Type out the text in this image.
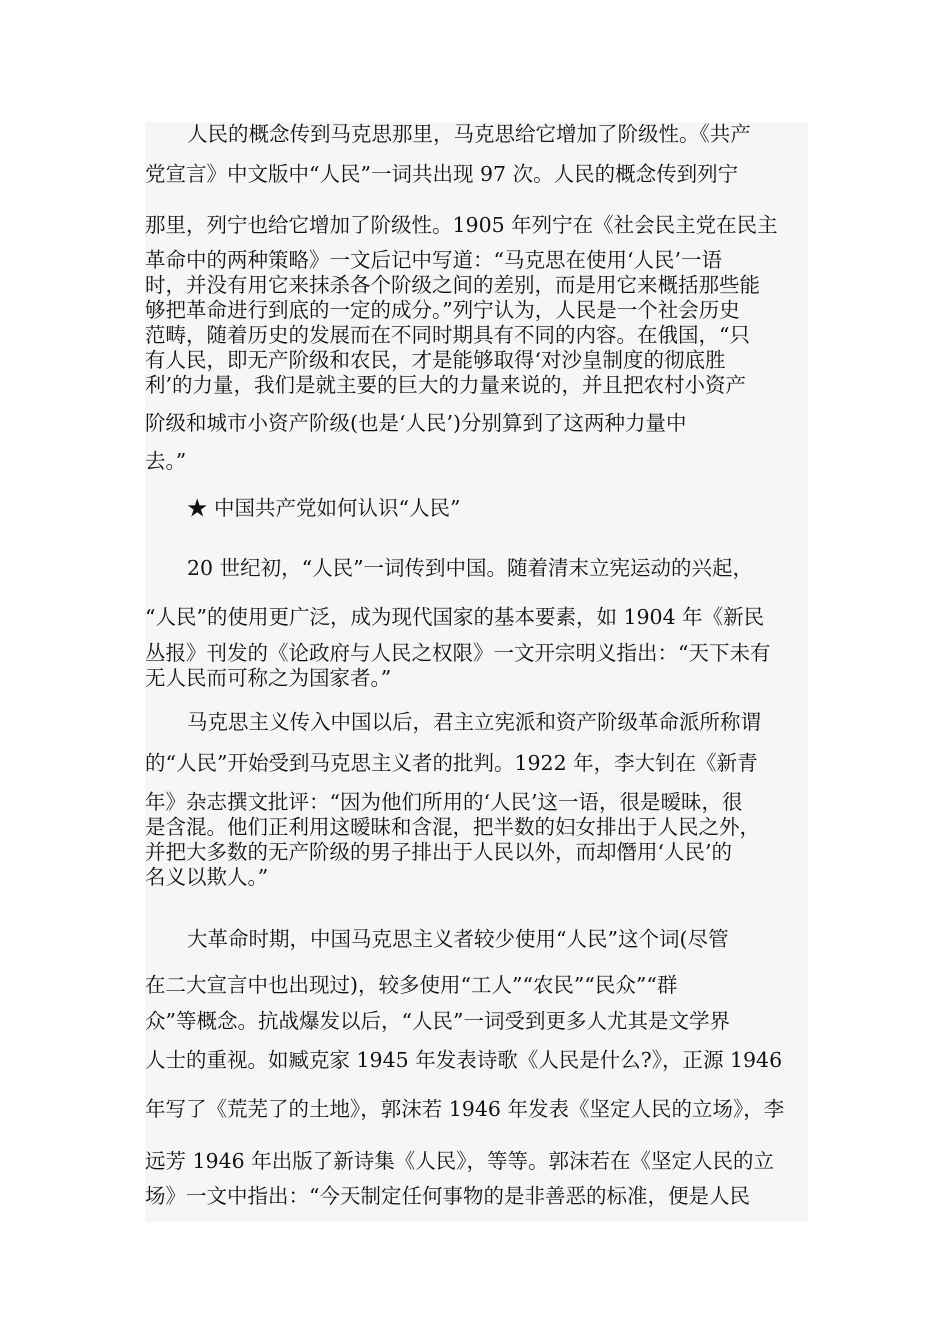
人民的概念传到马克思那里，马克思给它增加了阶级性。《共产
党宣言》中文版中“人民”一词共出现 97 次。人民的概念传到列宁
那里，列宁也给它增加了阶级性。1905 年列宁在《社会民主党在民主
革命中的两种策略》一文后记中写道：“马克思在使用‘人民’一语
时，并没有用它来抹杀各个阶级之间的差别，而是用它来概括那些能
够把革命进行到底的一定的成分。”列宁认为，人民是一个社会历史
范畴，随着历史的发展而在不同时期具有不同的内容。在俄国，“只
有人民，即无产阶级和农民，才是能够取得‘对沙皇制度的彻底胜
利’的力量，我们是就主要的巨大的力量来说的，并且把农村小资产
阶级和城市小资产阶级(也是‘人民’)分别算到了这两种力量中
去。”
★ 中国共产党如何认识“人民”
20 世纪初，“人民”一词传到中国。随着清末立宪运动的兴起，
“人民”的使用更广泛，成为现代国家的基本要素，如 1904 年《新民
丛报》刊发的《论政府与人民之权限》一文开宗明义指出：“天下未有
无人民而可称之为国家者。”
马克思主义传入中国以后，君主立宪派和资产阶级革命派所称谓
的“人民”开始受到马克思主义者的批判。1922 年，李大钊在《新青
年》杂志撰文批评：“因为他们所用的‘人民’这一语，很是暧昧，很
是含混。他们正利用这暧昧和含混，把半数的妇女排出于人民之外，
并把大多数的无产阶级的男子排出于人民以外，而却僭用‘人民’的
名义以欺人。”
大革命时期，中国马克思主义者较少使用“人民”这个词(尽管
在二大宣言中也出现过)，较多使用“工人”“农民”“民众”“群
众”等概念。抗战爆发以后，“人民”一词受到更多人尤其是文学界
人士的重视。如臧克家 1945 年发表诗歌《人民是什么?》，正源 1946
年写了《荒芜了的土地》，郭沫若 1946 年发表《坚定人民的立场》，李
远芳 1946 年出版了新诗集《人民》，等等。郭沫若在《坚定人民的立
场》一文中指出：“今天制定任何事物的是非善恶的标准，便是人民
